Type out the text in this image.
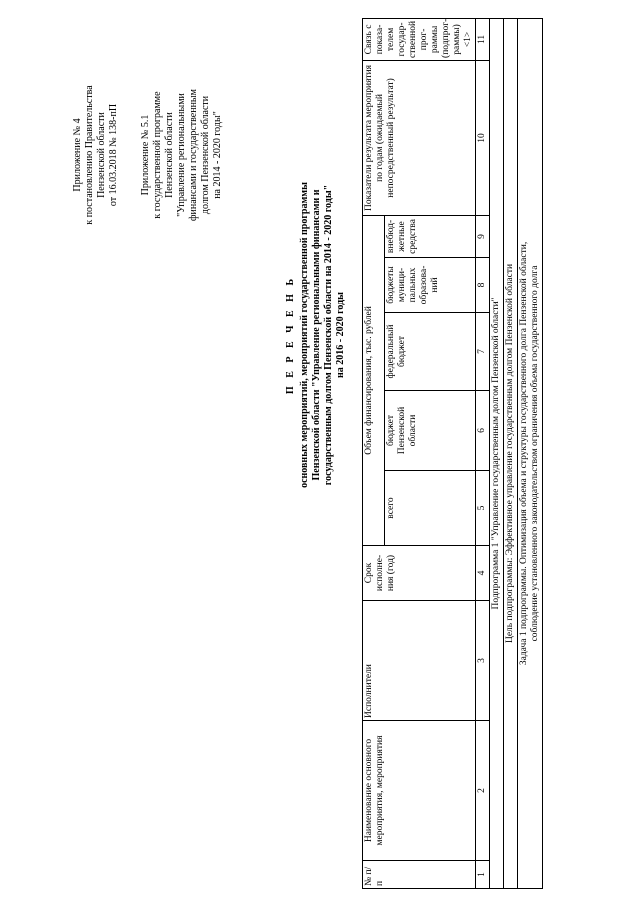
Приложение № 4 к постановлению Правительства Пензенской области от 16.03.2018 № 138-пП Приложение № 5.1 к государственной программе Пензенской области "Управление региональными финансами и государственным долгом Пензенской области на 2014 - 2020 годы"
П Е Р Е Ч Е Н Ь основных мероприятий, мероприятий государственной программы Пензенской области "Управление региональными финансами и государственным долгом Пензенской области на 2014 - 2020 годы" на 2016 - 2020 годы
№ п/п	Наименование основного мероприятия, мероприятия	Исполнители	Срок исполне- ния (год)	Объем финансирования, тыс. рублей					Показатели результата мероприятия по годам (ожидаемый непосредственный результат)	Связь с показа- телем государ- ственной прог- раммы (подпрог- раммы) <1>
				всего	бюджет Пензенской области	федеральный бюджет	бюджеты муници- пальных образова- ний	внебюд- жетные средства		
1	2	3	4	5	6	7	8	9	10	11
Подпрограмма 1 "Управление государственным долгом Пензенской области"										
Цель подпрограммы: Эффективное управление государственным долгом Пензенской области										

Задача 1 подпрограммы. Оптимизация объема и структуры государственного долга Пензенской области, соблюдение установленного законодательством ограничения объема государственного долга										
